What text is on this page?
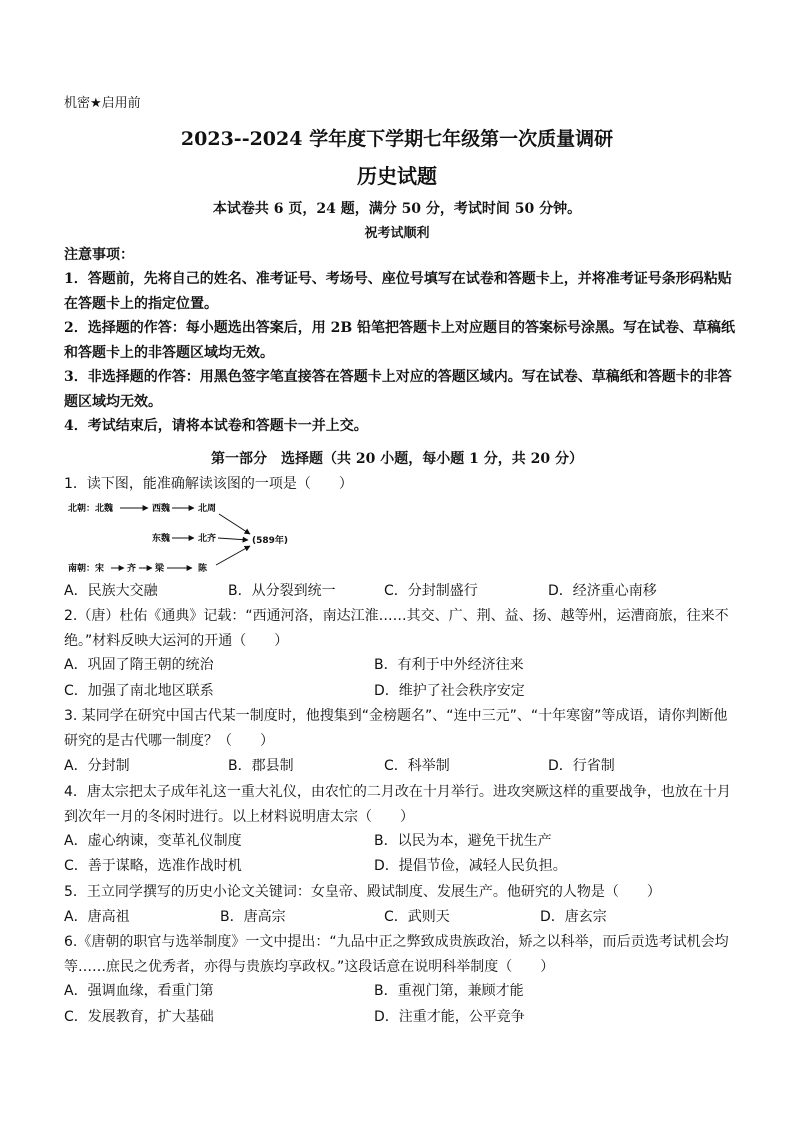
机密★启用前
2023--2024 学年度下学期七年级第一次质量调研
历史试题
本试卷共 6 页，24 题，满分 50 分，考试时间 50 分钟。
祝考试顺利
注意事项：
1．答题前，先将自己的姓名、准考证号、考场号、座位号填写在试卷和答题卡上，并将准考证号条形码粘贴在答题卡上的指定位置。
2．选择题的作答：每小题选出答案后，用 2B 铅笔把答题卡上对应题目的答案标号涂黑。写在试卷、草稿纸和答题卡上的非答题区域均无效。
3．非选择题的作答：用黑色签字笔直接答在答题卡上对应的答题区域内。写在试卷、草稿纸和答题卡的非答题区域均无效。
4．考试结束后，请将本试卷和答题卡一并上交。
第一部分　选择题（共 20 小题，每小题 1 分，共 20 分）
1．读下图，能准确解读该图的一项是（　　）
北朝：北魏	西魏	北周
东魏	北齐
南朝：宋	齐 梁	陈
(589年)
A．民族大交融	B．从分裂到统一	C．分封制盛行	D．经济重心南移
2.（唐）杜佑《通典》记载：“西通河洛，南达江淮……其交、广、荆、益、扬、越等州，运漕商旅，往来不绝。”材料反映大运河的开通（　　）
A．巩固了隋王朝的统治	B．有利于中外经济往来
C．加强了南北地区联系	D．维护了社会秩序安定
3. 某同学在研究中国古代某一制度时，他搜集到“金榜题名”、“连中三元”、“十年寒窗”等成语，请你判断他研究的是古代哪一制度？（　　）
A．分封制	B．郡县制	C．科举制	D．行省制
4．唐太宗把太子成年礼这一重大礼仪，由农忙的二月改在十月举行。进攻突厥这样的重要战争，也放在十月到次年一月的冬闲时进行。以上材料说明唐太宗（　　）
A．虚心纳谏，变革礼仪制度	B．以民为本，避免干扰生产
C．善于谋略，选准作战时机	D．提倡节俭，减轻人民负担。
5．王立同学撰写的历史小论文关键词：女皇帝、殿试制度、发展生产。他研究的人物是（　　）
A．唐高祖	B．唐高宗	C．武则天	D．唐玄宗
6.《唐朝的职官与选举制度》一文中提出：“九品中正之弊致成贵族政治，矫之以科举，而后贡选考试机会均等……庶民之优秀者，亦得与贵族均享政权。”这段话意在说明科举制度（　　）
A．强调血缘，看重门第	B．重视门第，兼顾才能
C．发展教育，扩大基础	D．注重才能，公平竞争
